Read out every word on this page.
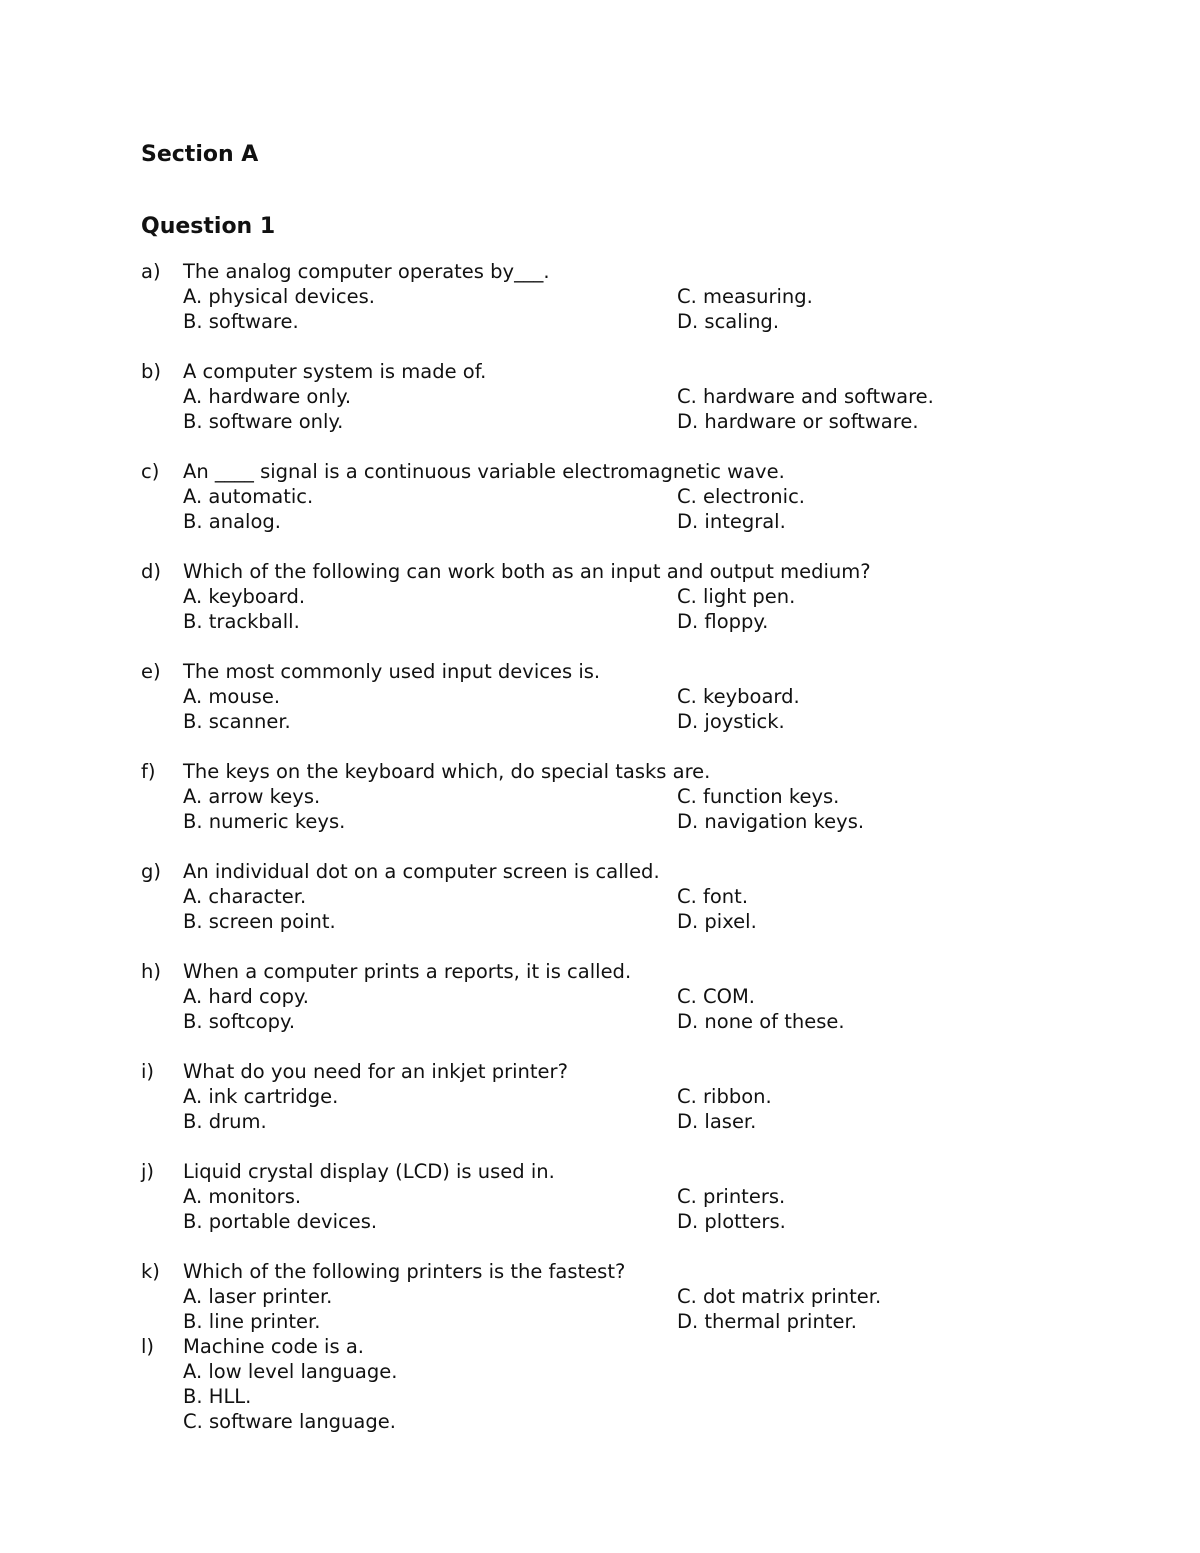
Section A
Question 1
a)	The analog computer operates by___.
A. physical devices.	C. measuring.
B. software.	D. scaling.
b)	A computer system is made of.
A. hardware only.	C. hardware and software.
B. software only.	D. hardware or software.
c)	An ____ signal is a continuous variable electromagnetic wave.
A. automatic.	C. electronic.
B. analog.	D. integral.
d)	Which of the following can work both as an input and output medium?
A. keyboard.	C. light pen.
B. trackball.	D. floppy.
e)	The most commonly used input devices is.
A. mouse.	C. keyboard.
B. scanner.	D. joystick.
f)	The keys on the keyboard which, do special tasks are.
A. arrow keys.	C. function keys.
B. numeric keys.	D. navigation keys.
g)	An individual dot on a computer screen is called.
A. character.	C. font.
B. screen point.	D. pixel.
h)	When a computer prints a reports, it is called.
A. hard copy.	C. COM.
B. softcopy.	D. none of these.
i)	What do you need for an inkjet printer?
A. ink cartridge.	C. ribbon.
B. drum.	D. laser.
j)	Liquid crystal display (LCD) is used in.
A. monitors.	C. printers.
B. portable devices.	D. plotters.
k)	Which of the following printers is the fastest?
A. laser printer.	C. dot matrix printer.
B. line printer.	D. thermal printer.
l)	Machine code is a.
A. low level language.
B. HLL.
C. software language.
